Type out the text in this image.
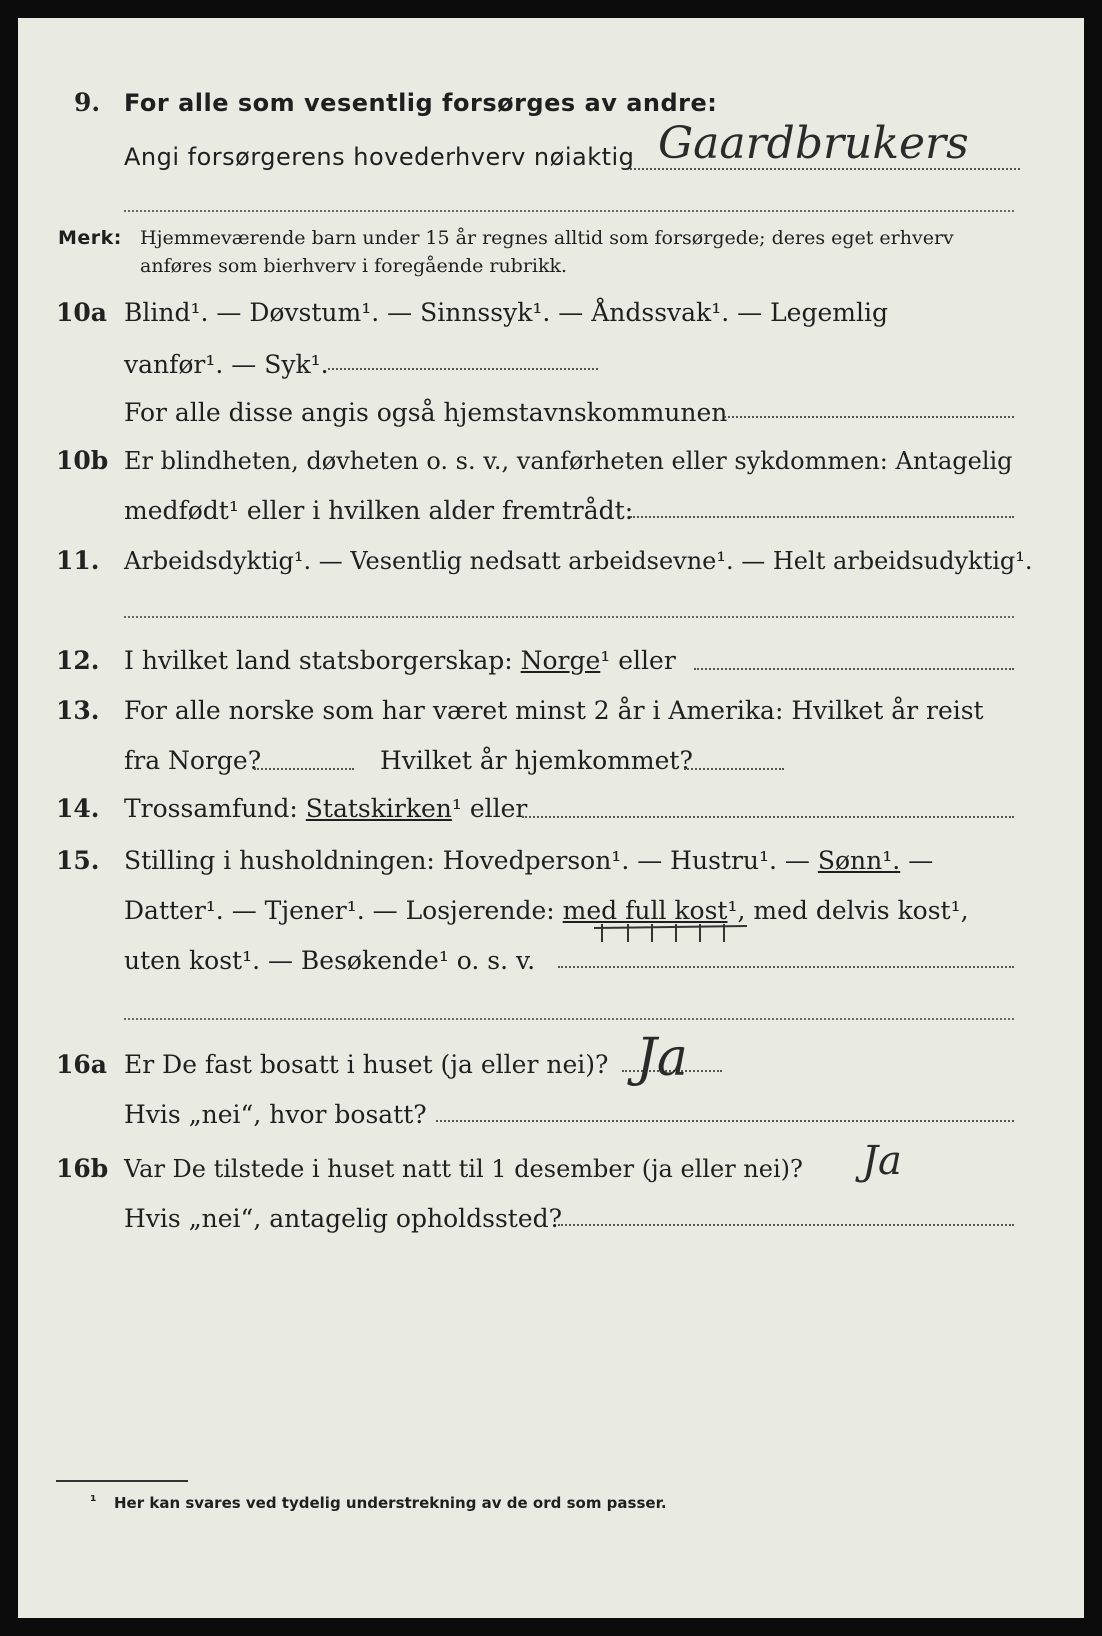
9. For alle som vesentlig forsørges av andre:
Angi forsørgerens hovederhverv nøiaktig Gaardbrukers
Merk: Hjemmeværende barn under 15 år regnes alltid som forsørgede; deres eget erhverv
anføres som bierhverv i foregående rubrikk.
10a Blind¹. — Døvstum¹. — Sinnssyk¹. — Åndssvak¹. — Legemlig
vanfør¹. — Syk¹.
For alle disse angis også hjemstavnskommunen
10b Er blindheten, døvheten o. s. v., vanførheten eller sykdommen: Antagelig
medfødt¹ eller i hvilken alder fremtrådt:
11. Arbeidsdyktig¹. — Vesentlig nedsatt arbeidsevne¹. — Helt arbeidsudyktig¹.
12. I hvilket land statsborgerskap: Norge¹ eller
13. For alle norske som har været minst 2 år i Amerika: Hvilket år reist
fra Norge?	Hvilket år hjemkommet?
14. Trossamfund: Statskirken¹ eller
15. Stilling i husholdningen: Hovedperson¹. — Hustru¹. — Sønn¹. —
Datter¹. — Tjener¹. — Losjerende: med full kost¹, med delvis kost¹,
uten kost¹. — Besøkende¹ o. s. v.
16a Er De fast bosatt i huset (ja eller nei)? Ja
Hvis „nei“, hvor bosatt?
16b Var De tilstede i huset natt til 1 desember (ja eller nei)? Ja
Hvis „nei“, antagelig opholdssted?
¹ Her kan svares ved tydelig understrekning av de ord som passer.
